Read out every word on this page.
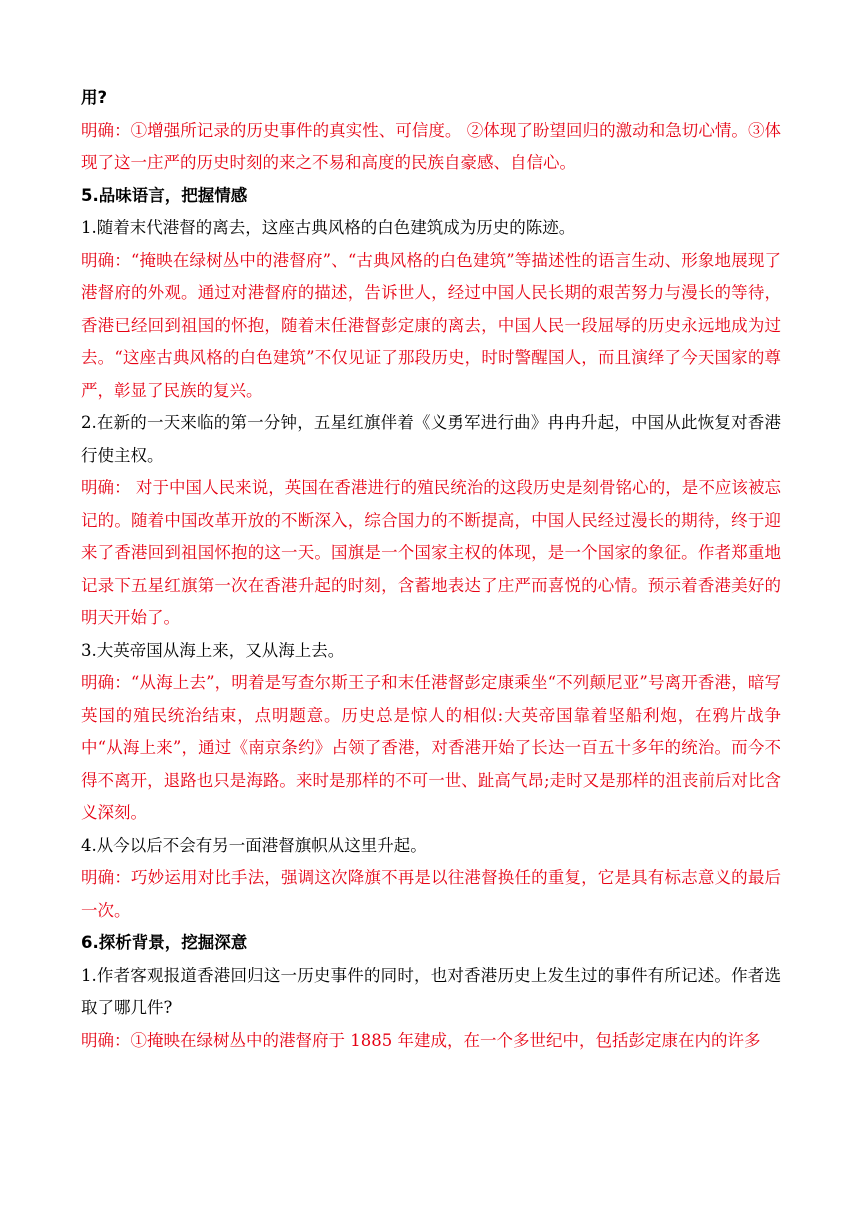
用?

明确：①增强所记录的历史事件的真实性、可信度。 ②体现了盼望回归的激动和急切心情。③体现了这一庄严的历史时刻的来之不易和高度的民族自豪感、自信心。

5.品味语言，把握情感

1.随着末代港督的离去，这座古典风格的白色建筑成为历史的陈迹。

明确：“掩映在绿树丛中的港督府”、“古典风格的白色建筑”等描述性的语言生动、形象地展现了港督府的外观。通过对港督府的描述，告诉世人，经过中国人民长期的艰苦努力与漫长的等待，香港已经回到祖国的怀抱，随着末任港督彭定康的离去，中国人民一段屈辱的历史永远地成为过去。“这座古典风格的白色建筑”不仅见证了那段历史，时时警醒国人，而且演绎了今天国家的尊严，彰显了民族的复兴。

2.在新的一天来临的第一分钟，五星红旗伴着《义勇军进行曲》冉冉升起，中国从此恢复对香港行使主权。

明确： 对于中国人民来说，英国在香港进行的殖民统治的这段历史是刻骨铭心的，是不应该被忘记的。随着中国改革开放的不断深入，综合国力的不断提高，中国人民经过漫长的期待，终于迎来了香港回到祖国怀抱的这一天。国旗是一个国家主权的体现，是一个国家的象征。作者郑重地记录下五星红旗第一次在香港升起的时刻，含蓄地表达了庄严而喜悦的心情。预示着香港美好的明天开始了。

3.大英帝国从海上来，又从海上去。

明确：“从海上去”，明着是写查尔斯王子和末任港督彭定康乘坐“不列颠尼亚”号离开香港，暗写英国的殖民统治结束，点明题意。历史总是惊人的相似:大英帝国靠着坚船利炮，在鸦片战争中“从海上来”，通过《南京条约》占领了香港，对香港开始了长达一百五十多年的统治。而今不得不离开，退路也只是海路。来时是那样的不可一世、趾高气昂;走时又是那样的沮丧前后对比含义深刻。

4.从今以后不会有另一面港督旗帜从这里升起。

明确：巧妙运用对比手法，强调这次降旗不再是以往港督换任的重复，它是具有标志意义的最后一次。

6.探析背景，挖掘深意

1.作者客观报道香港回归这一历史事件的同时，也对香港历史上发生过的事件有所记述。作者选取了哪几件?

明确：①掩映在绿树丛中的港督府于 1885 年建成，在一个多世纪中，包括彭定康在内的许多
